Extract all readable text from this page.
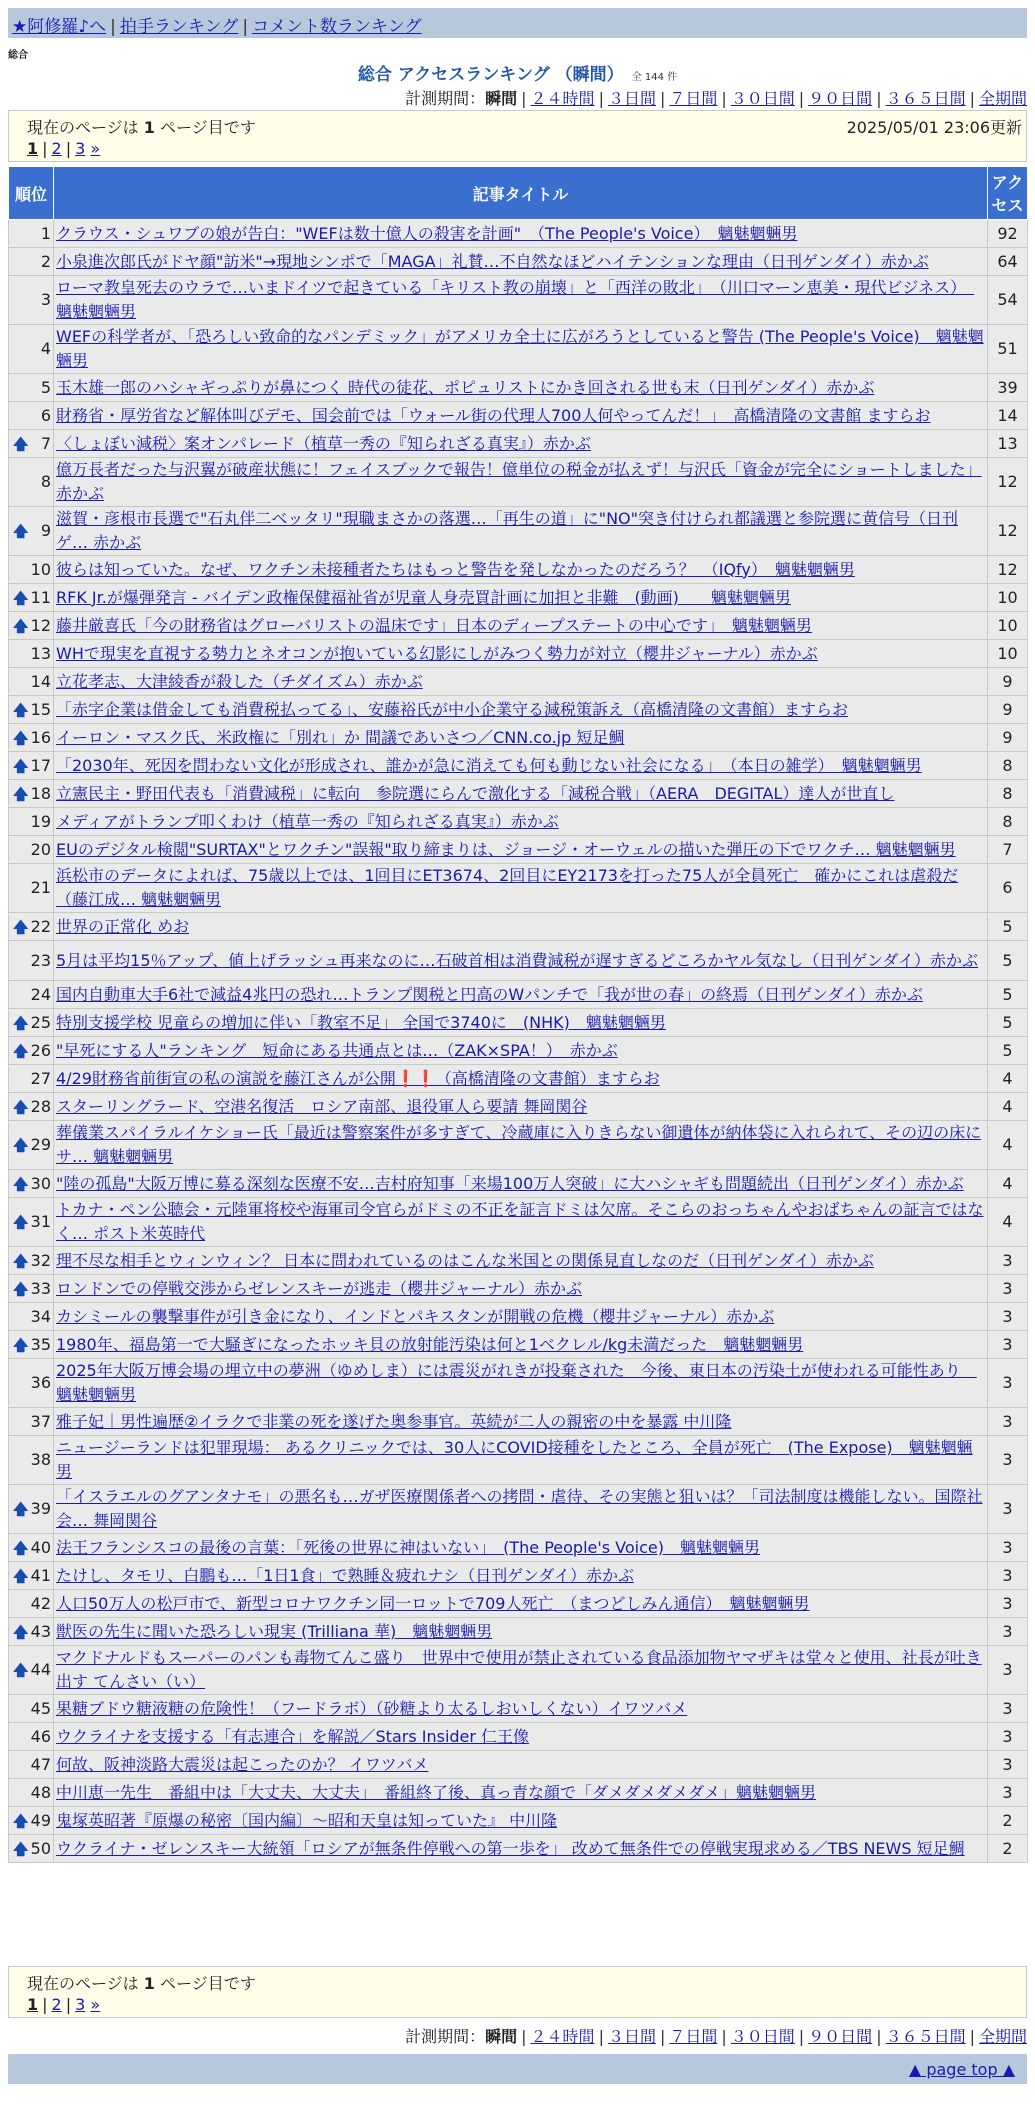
★阿修羅♪へ | 拍手ランキング | コメント数ランキング
総合
総合 アクセスランキング （瞬間） 全 144 件
計測期間：瞬間 | ２４時間 | ３日間 | ７日間 | ３０日間 | ９０日間 | ３６５日間 | 全期間
現在のページは 1 ページ目です	2025/05/01 23:06更新
1 | 2 | 3 »
順位	記事タイトル	アクセス
1	クラウス・シュワブの娘が告白："WEFは数十億人の殺害を計画"　（The People's Voice）　魑魅魍魎男	92
2	小泉進次郎氏がドヤ顔"訪米"→現地シンポで「MAGA」礼賛…不自然なほどハイテンションな理由（日刊ゲンダイ）赤かぶ	64
3	ローマ教皇死去のウラで…いまドイツで起きている「キリスト教の崩壊」と「西洋の敗北」　（川口マーン恵美・現代ビジネス）　魑魅魍魎男	54
4	WEFの科学者が、「恐ろしい致命的なパンデミック」がアメリカ全土に広がろうとしていると警告 (The People's Voice)　魑魅魍魎男	51
5	玉木雄一郎のハシャギっぷりが鼻につく 時代の徒花、ポピュリストにかき回される世も末（日刊ゲンダイ）赤かぶ	39
6	財務省・厚労省など解体叫びデモ、国会前では「ウォール街の代理人700人何やってんだ！」　高橋清隆の文書館 ますらお	14

🡅 7	〈しょぼい減税〉案オンパレード（植草一秀の『知られざる真実』）赤かぶ	13
8	億万長者だった与沢翼が破産状態に！フェイスブックで報告！億単位の税金が払えず！与沢氏「資金が完全にショートしました」 赤かぶ	12

🡅 9	滋賀・彦根市長選で"石丸伴二ベッタリ"現職まさかの落選…「再生の道」に"NO"突き付けられ都議選と参院選に黄信号（日刊ゲ… 赤かぶ	12
10	彼らは知っていた。なぜ、ワクチン未接種者たちはもっと警告を発しなかったのだろう？　（IQfy）　魑魅魍魎男	12

🡅 11	RFK Jr.が爆弾発言 - バイデン政権保健福祉省が児童人身売買計画に加担と非難　(動画)　　魑魅魍魎男	10

🡅 12	藤井厳喜氏「今の財務省はグローバリストの温床です」日本のディープステートの中心です」　魑魅魍魎男	10
13	WHで現実を直視する勢力とネオコンが抱いている幻影にしがみつく勢力が対立（櫻井ジャーナル）赤かぶ	10
14	立花孝志、大津綾香が殺した（チダイズム）赤かぶ	9

🡅 15	「赤字企業は借金しても消費税払ってる」、安藤裕氏が中小企業守る減税策訴え（高橋清隆の文書館）ますらお	9

🡅 16	イーロン・マスク氏、米政権に「別れ」か 間議であいさつ／CNN.co.jp 短足鯛	9

🡅 17	「2030年、死因を問わない文化が形成され、誰かが急に消えても何も動じない社会になる」　（本日の雑学）　魑魅魍魎男	8

🡅 18	立憲民主・野田代表も「消費減税」に転向　参院選にらんで激化する「減税合戦」（AERA　DEGITAL）達人が世直し	8
19	メディアがトランプ叩くわけ（植草一秀の『知られざる真実』）赤かぶ	8
20	EUのデジタル検閲"SURTAX"とワクチン"誤報"取り締まりは、ジョージ・オーウェルの描いた弾圧の下でワクチ… 魑魅魍魎男	7
21	浜松市のデータによれば、75歳以上では、1回目にET3674、2回目にEY2173を打った75人が全員死亡　確かにこれは虐殺だ（藤江成… 魑魅魍魎男	6

🡅 22	世界の正常化 めお	5
23	5月は平均15％アップ、値上げラッシュ再来なのに…石破首相は消費減税が遅すぎるどころかヤル気なし（日刊ゲンダイ）赤かぶ	5
24	国内自動車大手6社で減益4兆円の恐れ…トランプ関税と円高のWパンチで「我が世の春」の終焉（日刊ゲンダイ）赤かぶ	5

🡅 25	特別支援学校 児童らの増加に伴い「教室不足」 全国で3740に　(NHK)　魑魅魍魎男	5

🡅 26	"早死にする人"ランキング　短命にある共通点とは…（ZAK×SPA！）　赤かぶ	5
27	4/29財務省前街宣の私の演説を藤江さんが公開❗❗（高橋清隆の文書館）ますらお	4

🡅 28	スターリングラード、空港名復活　ロシア南部、退役軍人ら要請 舞岡関谷	4

🡅 29	葬儀業スパイラルイケショー氏「最近は警察案件が多すぎて、冷蔵庫に入りきらない御遺体が納体袋に入れられて、その辺の床にサ… 魑魅魍魎男	4

🡅 30	"陸の孤島"大阪万博に募る深刻な医療不安…吉村府知事「来場100万人突破」に大ハシャギも問題続出（日刊ゲンダイ）赤かぶ	4

🡅 31	トカナ・ペン公聴会・元陸軍将校や海軍司令官らがドミの不正を証言ドミは欠席。そこらのおっちゃんやおばちゃんの証言ではなく… ポスト米英時代	4

🡅 32	理不尽な相手とウィンウィン？ 日本に問われているのはこんな米国との関係見直しなのだ（日刊ゲンダイ）赤かぶ	3

🡅 33	ロンドンでの停戦交渉からゼレンスキーが逃走（櫻井ジャーナル）赤かぶ	3
34	カシミールの襲撃事件が引き金になり、インドとパキスタンが開戦の危機（櫻井ジャーナル）赤かぶ	3

🡅 35	1980年、福島第一で大騒ぎになったホッキ貝の放射能汚染は何と1ベクレル/kg未満だった　魑魅魍魎男	3
36	2025年大阪万博会場の埋立中の夢洲（ゆめしま）には震災がれきが投棄された　今後、東日本の汚染土が使われる可能性あり　魑魅魍魎男	3
37	雅子妃｜男性遍歴②イラクで非業の死を遂げた奥参事官。英続が二人の親密の中を暴露 中川隆	3
38	ニュージーランドは犯罪現場： あるクリニックでは、30人にCOVID接種をしたところ、全員が死亡　(The Expose)　魑魅魍魎男	3

🡅 39	「イスラエルのグアンタナモ」の悪名も…ガザ医療関係者への拷問・虐待、その実態と狙いは？「司法制度は機能しない。国際社会… 舞岡関谷	3

🡅 40	法王フランシスコの最後の言葉：「死後の世界に神はいない」　(The People's Voice)　魑魅魍魎男	3

🡅 41	たけし、タモリ、白鵬も…「1日1食」で熟睡＆疲れナシ（日刊ゲンダイ）赤かぶ	3
42	人口50万人の松戸市で、新型コロナワクチン同一ロットで709人死亡　（まつどしみん通信）　魑魅魍魎男	3

🡅 43	獣医の先生に聞いた恐ろしい現実 (Trilliana 華)　魑魅魍魎男	3

🡅 44	マクドナルドもスーパーのパンも毒物てんこ盛り　世界中で使用が禁止されている食品添加物ヤマザキは堂々と使用、社長が吐き出す てんさい（い）	3
45	果糖ブドウ糖液糖の危険性！（フードラボ）（砂糖より太るしおいしくない）イワツバメ	3
46	ウクライナを支援する「有志連合」を解説／Stars Insider 仁王像	3
47	何故、阪神淡路大震災は起こったのか？ イワツバメ	3
48	中川恵一先生　番組中は「大丈夫、大丈夫」　番組終了後、真っ青な顔で「ダメダメダメダメ」魑魅魍魎男	3

🡅 49	鬼塚英昭著『原爆の秘密〔国内編〕～昭和天皇は知っていた』 中川隆	2

🡅 50	ウクライナ・ゼレンスキー大統領「ロシアが無条件停戦への第一歩を」 改めて無条件での停戦実現求める／TBS NEWS 短足鯛	2
現在のページは 1 ページ目です
1 | 2 | 3 »
計測期間：瞬間 | ２４時間 | ３日間 | ７日間 | ３０日間 | ９０日間 | ３６５日間 | 全期間
▲ page top ▲
